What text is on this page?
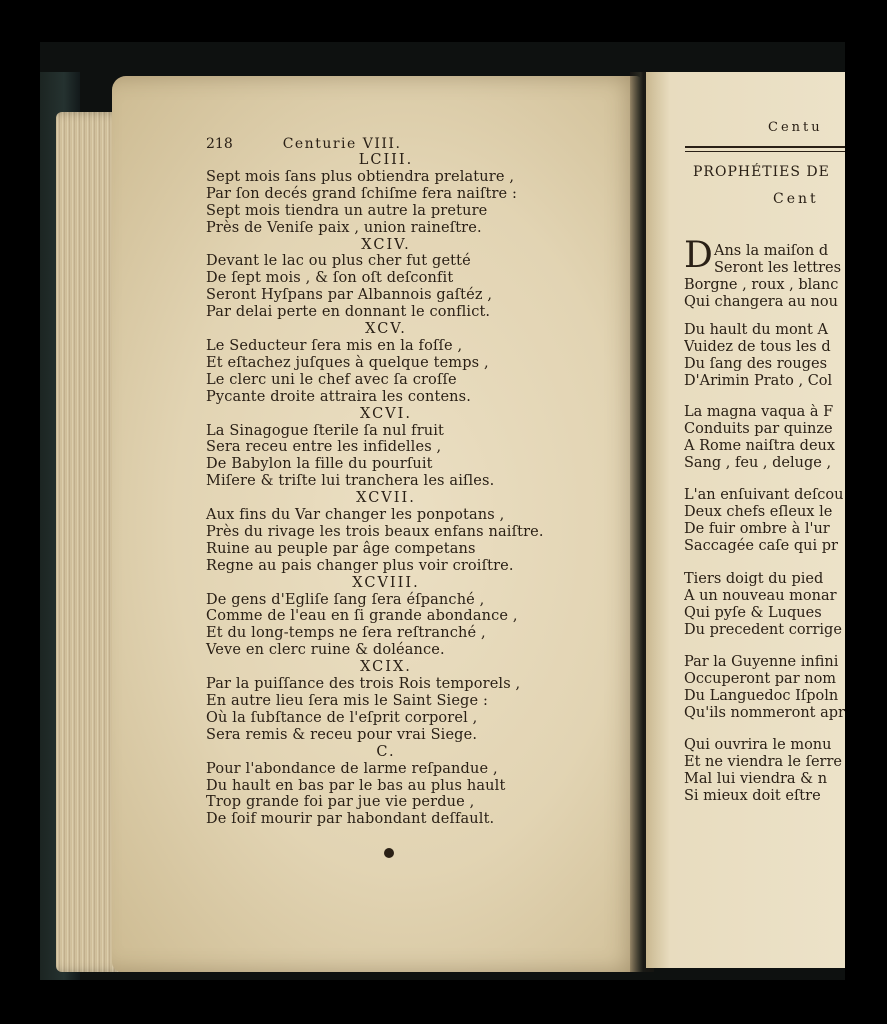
218	Centurie VIII.
LCIII.
Sept mois ſans plus obtiendra prelature ,
Par ſon decés grand ſchiſme fera naiſtre :
Sept mois tiendra un autre la preture
Près de Veniſe paix , union raineſtre.
XCIV.
Devant le lac ou plus cher fut getté
De ſept mois , & ſon oſt deſconfit
Seront Hyſpans par Albannois gaſtéz ,
Par delai perte en donnant le conflict.
XCV.
Le Seducteur ſera mis en la foſſe ,
Et eſtachez juſques à quelque temps ,
Le clerc uni le chef avec ſa croſſe
Pycante droite attraira les contens.
XCVI.
La Sinagogue ſterile ſa nul fruit
Sera receu entre les infidelles ,
De Babylon la fille du pourſuit
Miſere & triſte lui tranchera les aiſles.
XCVII.
Aux fins du Var changer les ponpotans ,
Près du rivage les trois beaux enfans naiſtre.
Ruine au peuple par âge competans
Regne au pais changer plus voir croiſtre.
XCVIII.
De gens d'Egliſe ſang ſera éſpanché ,
Comme de l'eau en ſi grande abondance ,
Et du long-temps ne ſera reſtranché ,
Veve en clerc ruine & doléance.
XCIX.
Par la puiſſance des trois Rois temporels ,
En autre lieu ſera mis le Saint Siege :
Où la ſubſtance de l'eſprit corporel ,
Sera remis & receu pour vrai Siege.
C.
Pour l'abondance de larme reſpandue ,
Du hault en bas par le bas au plus hault
Trop grande foi par jue vie perdue ,
De ſoif mourir par habondant deſfault.
Centu
PROPHÉTIES DE
Cent
D Ans la maiſon d
Seront les lettres
Borgne , roux , blanc
Qui changera au nou
Du hault du mont A
Vuidez de tous les d
Du ſang des rouges
D'Arimin Prato , Col
La magna vaqua à F
Conduits par quinze
A Rome naiſtra deux
Sang , feu , deluge ,
L'an enſuivant deſcou
Deux chefs eſleux le
De fuir ombre à l'ur
Saccagée caſe qui pr
Tiers doigt du pied
A un nouveau monar
Qui pyſe & Luques
Du precedent corrige
Par la Guyenne infini
Occuperont par nom
Du Languedoc Iſpoln
Qu'ils nommeront apr
Qui ouvrira le monu
Et ne viendra le ſerre
Mal lui viendra & n
Si mieux doit eſtre
